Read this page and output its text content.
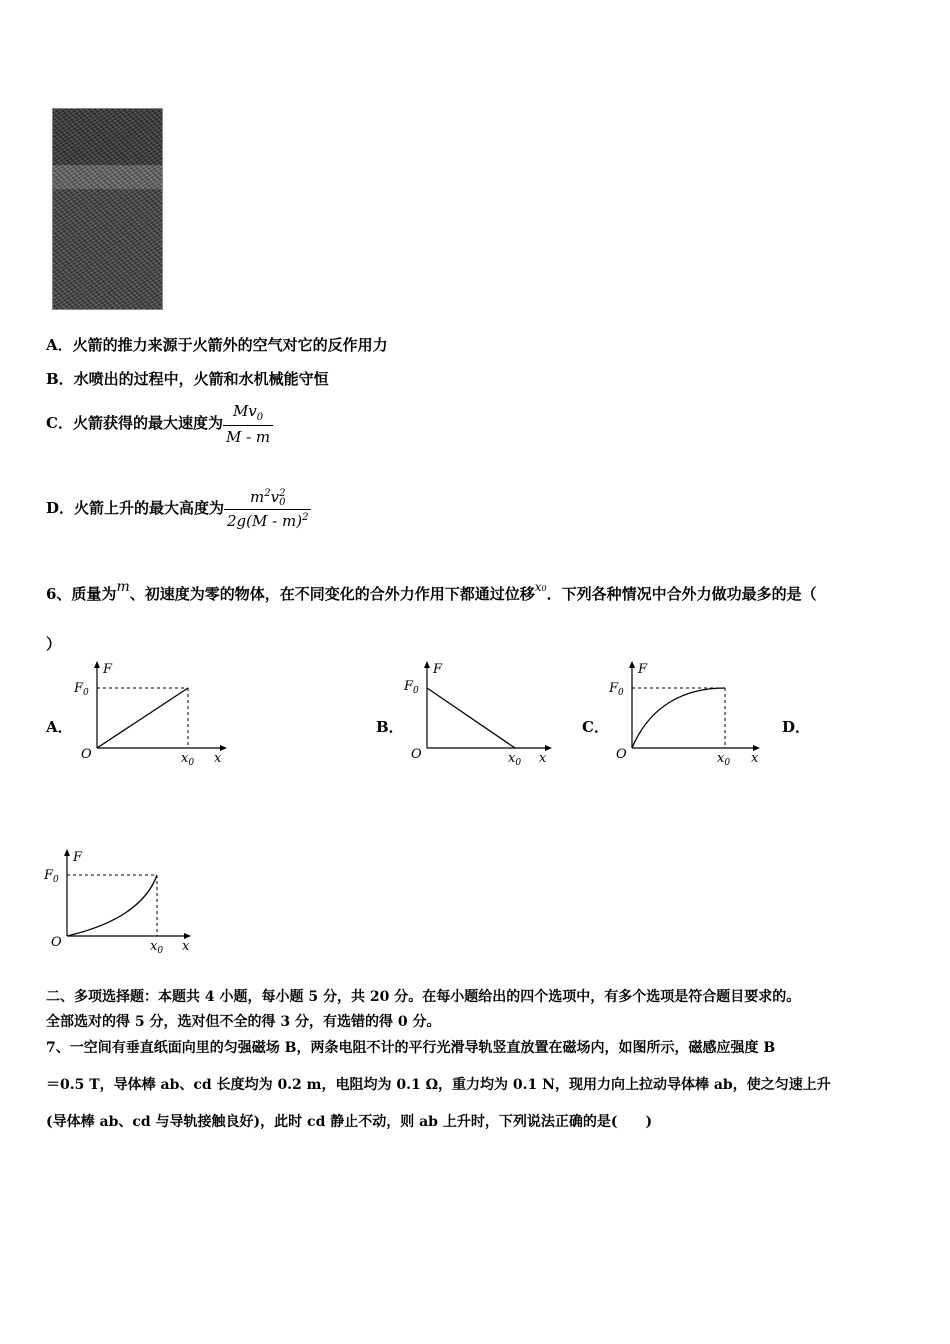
A．火箭的推力来源于火箭外的空气对它的反作用力
B．水喷出的过程中，火箭和水机械能守恒
C．火箭获得的最大速度为 $\frac{Mv_0}{M - m}$
D．火箭上升的最大高度为 $m^2v$ 2
0
2g(M - m)$^2$
6、质量为m、初速度为零的物体，在不同变化的合外力作用下都通过位移$^{x0}$．下列各种情况中合外力做功最多的是（
）
A．	B．	C．	D．
F
$F_0$
O	$x_0$ x
F
$F_0$
O	$x_0$ x
F
$F_0$
O	$x_0$ x
F
$F_0$
O	$x_0$ x
二、多项选择题：本题共 4 小题，每小题 5 分，共 20 分。在每小题给出的四个选项中，有多个选项是符合题目要求的。
全部选对的得 5 分，选对但不全的得 3 分，有选错的得 0 分。
7、一空间有垂直纸面向里的匀强磁场 B，两条电阻不计的平行光滑导轨竖直放置在磁场内，如图所示，磁感应强度 B
＝0.5 T，导体棒 ab、cd 长度均为 0.2 m，电阻均为 0.1 Ω，重力均为 0.1 N，现用力向上拉动导体棒 ab，使之匀速上升
(导体棒 ab、cd 与导轨接触良好)，此时 cd 静止不动，则 ab 上升时，下列说法正确的是(　　)
